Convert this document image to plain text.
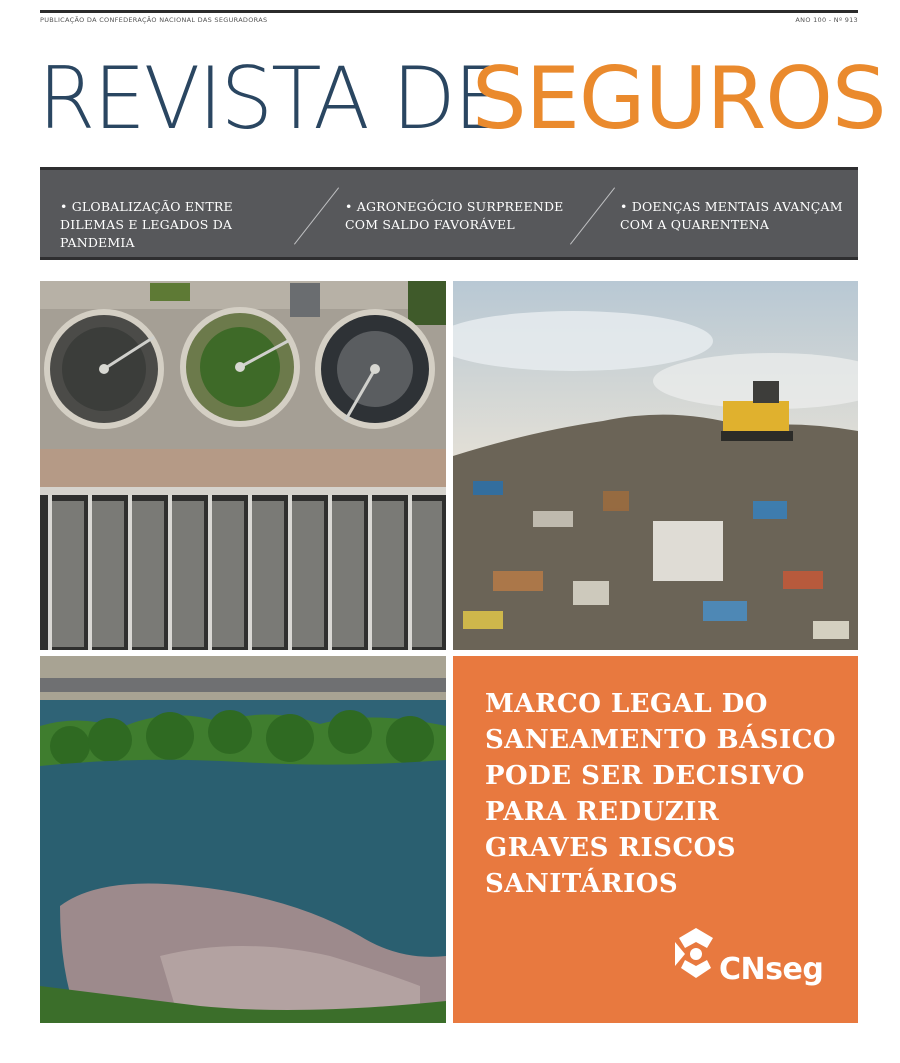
PUBLICAÇÃO DA CONFEDERAÇÃO NACIONAL DAS SEGURADORAS	ANO 100 - Nº 913
REVISTA DE
SEGUROS
• GLOBALIZAÇÃO ENTRE DILEMAS E LEGADOS DA PANDEMIA
• AGRONEGÓCIO SURPREENDE COM SALDO FAVORÁVEL
• DOENÇAS MENTAIS AVANÇAM COM A QUARENTENA
MARCO LEGAL DO SANEAMENTO BÁSICO PODE SER DECISIVO PARA REDUZIR GRAVES RISCOS SANITÁRIOS
CNseg
